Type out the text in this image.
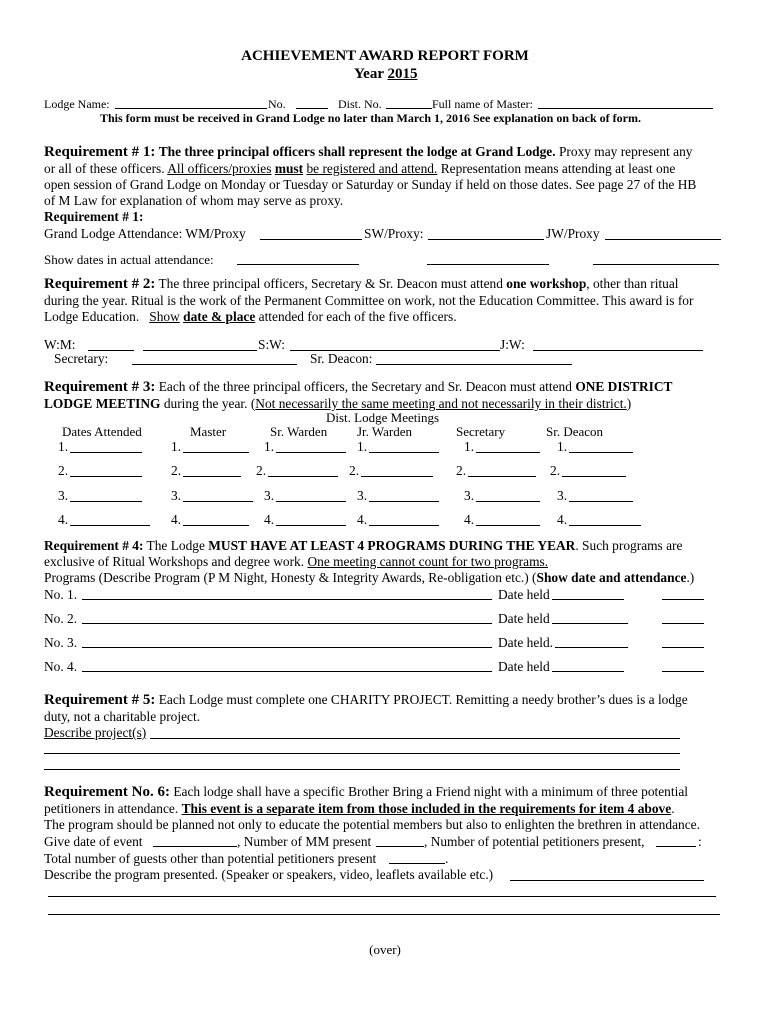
ACHIEVEMENT AWARD REPORT FORM
Year 2015
Lodge Name:	No.	Dist. No.	Full name of Master:
This form must be received in Grand Lodge no later than March 1, 2016 See explanation on back of form.
Requirement # 1: The three principal officers shall represent the lodge at Grand Lodge. Proxy may represent any
or all of these officers. All officers/proxies must be registered and attend. Representation means attending at least one
open session of Grand Lodge on Monday or Tuesday or Saturday or Sunday if held on those dates. See page 27 of the HB
of M Law for explanation of whom may serve as proxy.
Requirement # 1:
Grand Lodge Attendance: WM/Proxy	SW/Proxy:	JW/Proxy
Show dates in actual attendance:
Requirement # 2: The three principal officers, Secretary & Sr. Deacon must attend one workshop, other than ritual
during the year. Ritual is the work of the Permanent Committee on work, not the Education Committee. This award is for
Lodge Education. Show date & place attended for each of the five officers.
W:M:	S:W:	J:W:
Secretary:	Sr. Deacon:
Requirement # 3: Each of the three principal officers, the Secretary and Sr. Deacon must attend ONE DISTRICT
LODGE MEETING during the year. (Not necessarily the same meeting and not necessarily in their district.)
Dist. Lodge Meetings
Dates Attended	Master	Sr. Warden Jr. Warden	Secretary	Sr. Deacon
1.	1.	1.	1.	1.	1.
2.	2.	2.	2.	2.	2.
3.	3.	3.	3.	3.	3.
4.	4.	4.	4.	4.	4.
Requirement # 4: The Lodge MUST HAVE AT LEAST 4 PROGRAMS DURING THE YEAR. Such programs are
exclusive of Ritual Workshops and degree work. One meeting cannot count for two programs.
Programs (Describe Program (P M Night, Honesty & Integrity Awards, Re-obligation etc.) (Show date and attendance.)
No. 1.	Date held
No. 2.	Date held
No. 3.	Date held.
No. 4.	Date held
Requirement # 5: Each Lodge must complete one CHARITY PROJECT. Remitting a needy brother’s dues is a lodge
duty, not a charitable project.
Describe project(s)
Requirement No. 6: Each lodge shall have a specific Brother Bring a Friend night with a minimum of three potential
petitioners in attendance. This event is a separate item from those included in the requirements for item 4 above.
The program should be planned not only to educate the potential members but also to enlighten the brethren in attendance.
Give date of event	, Number of MM present	, Number of potential petitioners present,	:
Total number of guests other than potential petitioners present	.
Describe the program presented. (Speaker or speakers, video, leaflets available etc.)
(over)
